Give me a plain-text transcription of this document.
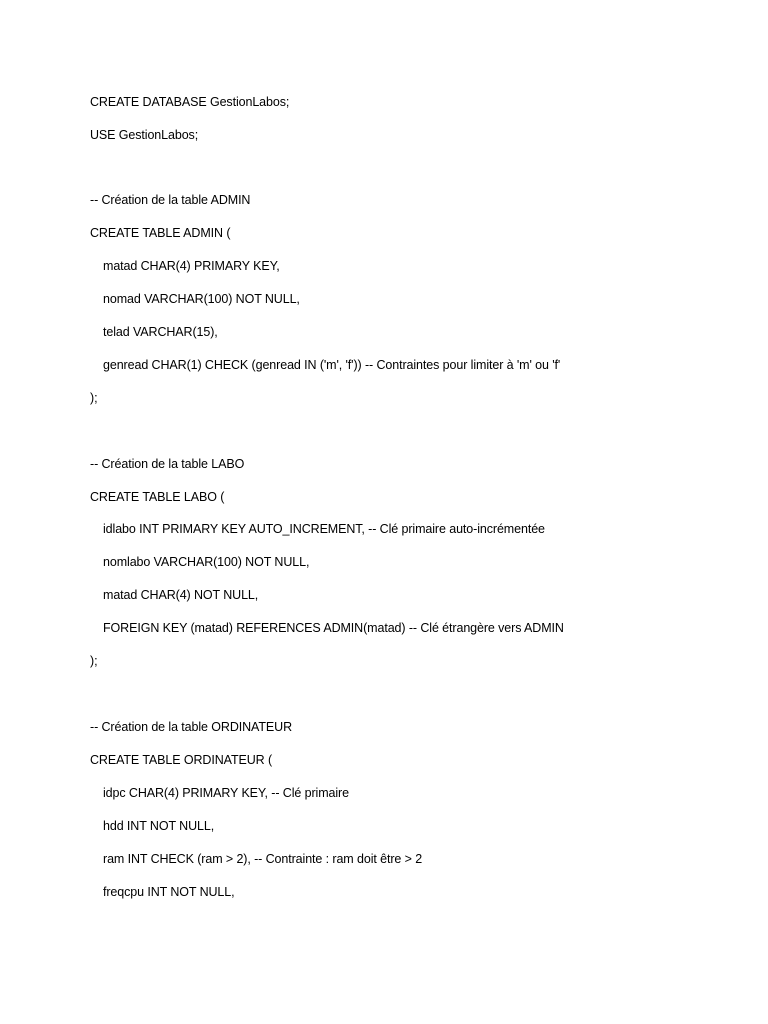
CREATE DATABASE GestionLabos;
USE GestionLabos;
-- Création de la table ADMIN
CREATE TABLE ADMIN (
matad CHAR(4) PRIMARY KEY,
nomad VARCHAR(100) NOT NULL,
telad VARCHAR(15),
genread CHAR(1) CHECK (genread IN ('m', 'f')) -- Contraintes pour limiter à 'm' ou 'f'
);
-- Création de la table LABO
CREATE TABLE LABO (
idlabo INT PRIMARY KEY AUTO_INCREMENT, -- Clé primaire auto-incrémentée
nomlabo VARCHAR(100) NOT NULL,
matad CHAR(4) NOT NULL,
FOREIGN KEY (matad) REFERENCES ADMIN(matad) -- Clé étrangère vers ADMIN
);
-- Création de la table ORDINATEUR
CREATE TABLE ORDINATEUR (
idpc CHAR(4) PRIMARY KEY, -- Clé primaire
hdd INT NOT NULL,
ram INT CHECK (ram > 2), -- Contrainte : ram doit être > 2
freqcpu INT NOT NULL,
